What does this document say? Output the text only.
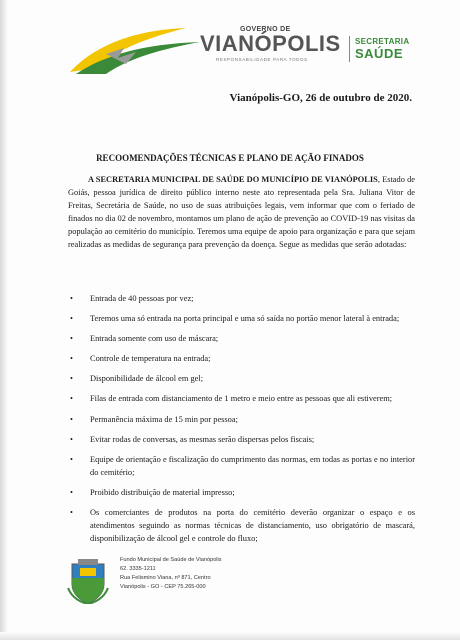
GOVERNO DE
VIANÓPOLIS
RESPONSABILIDADE PARA TODOS
SECRETARIA
SAÚDE
Vianópolis-GO, 26 de outubro de 2020.
RECOOMENDAÇÕES TÉCNICAS E PLANO DE AÇÃO FINADOS

A SECRETARIA MUNICIPAL DE SAÚDE DO MUNICÍPIO DE VIANÓPOLIS, Estado de Goiás, pessoa jurídica de direito público interno neste ato representada pela Sra. Juliana Vitor de Freitas, Secretária de Saúde, no uso de suas atribuições legais, vem informar que com o feriado de finados no dia 02 de novembro, montamos um plano de ação de prevenção ao COVID-19 nas visitas da população ao cemitério do município. Teremos uma equipe de apoio para organização e para que sejam realizadas as medidas de segurança para prevenção da doença. Segue as medidas que serão adotadas:

• Entrada de 40 pessoas por vez;
• Teremos uma só entrada na porta principal e uma só saída no portão menor lateral à entrada;
• Entrada somente com uso de máscara;
• Controle de temperatura na entrada;
• Disponibilidade de álcool em gel;
• Filas de entrada com distanciamento de 1 metro e meio entre as pessoas que ali estiverem;
• Permanência máxima de 15 min por pessoa;
• Evitar rodas de conversas, as mesmas serão dispersas pelos fiscais;
• Equipe de orientação e fiscalização do cumprimento das normas, em todas as portas e no interior do cemitério;
• Proibido distribuição de material impresso;
• Os comerciantes de produtos na porta do cemitério deverão organizar o espaço e os atendimentos seguindo as normas técnicas de distanciamento, uso obrigatório de mascará, disponibilização de álcool gel e controle do fluxo;
Fundo Municipal de Saúde de Vianópolis
62. 3335-1211
Rua Felismino Viana, nº 871, Centro
Vianópolis - GO - CEP 75.265-000
